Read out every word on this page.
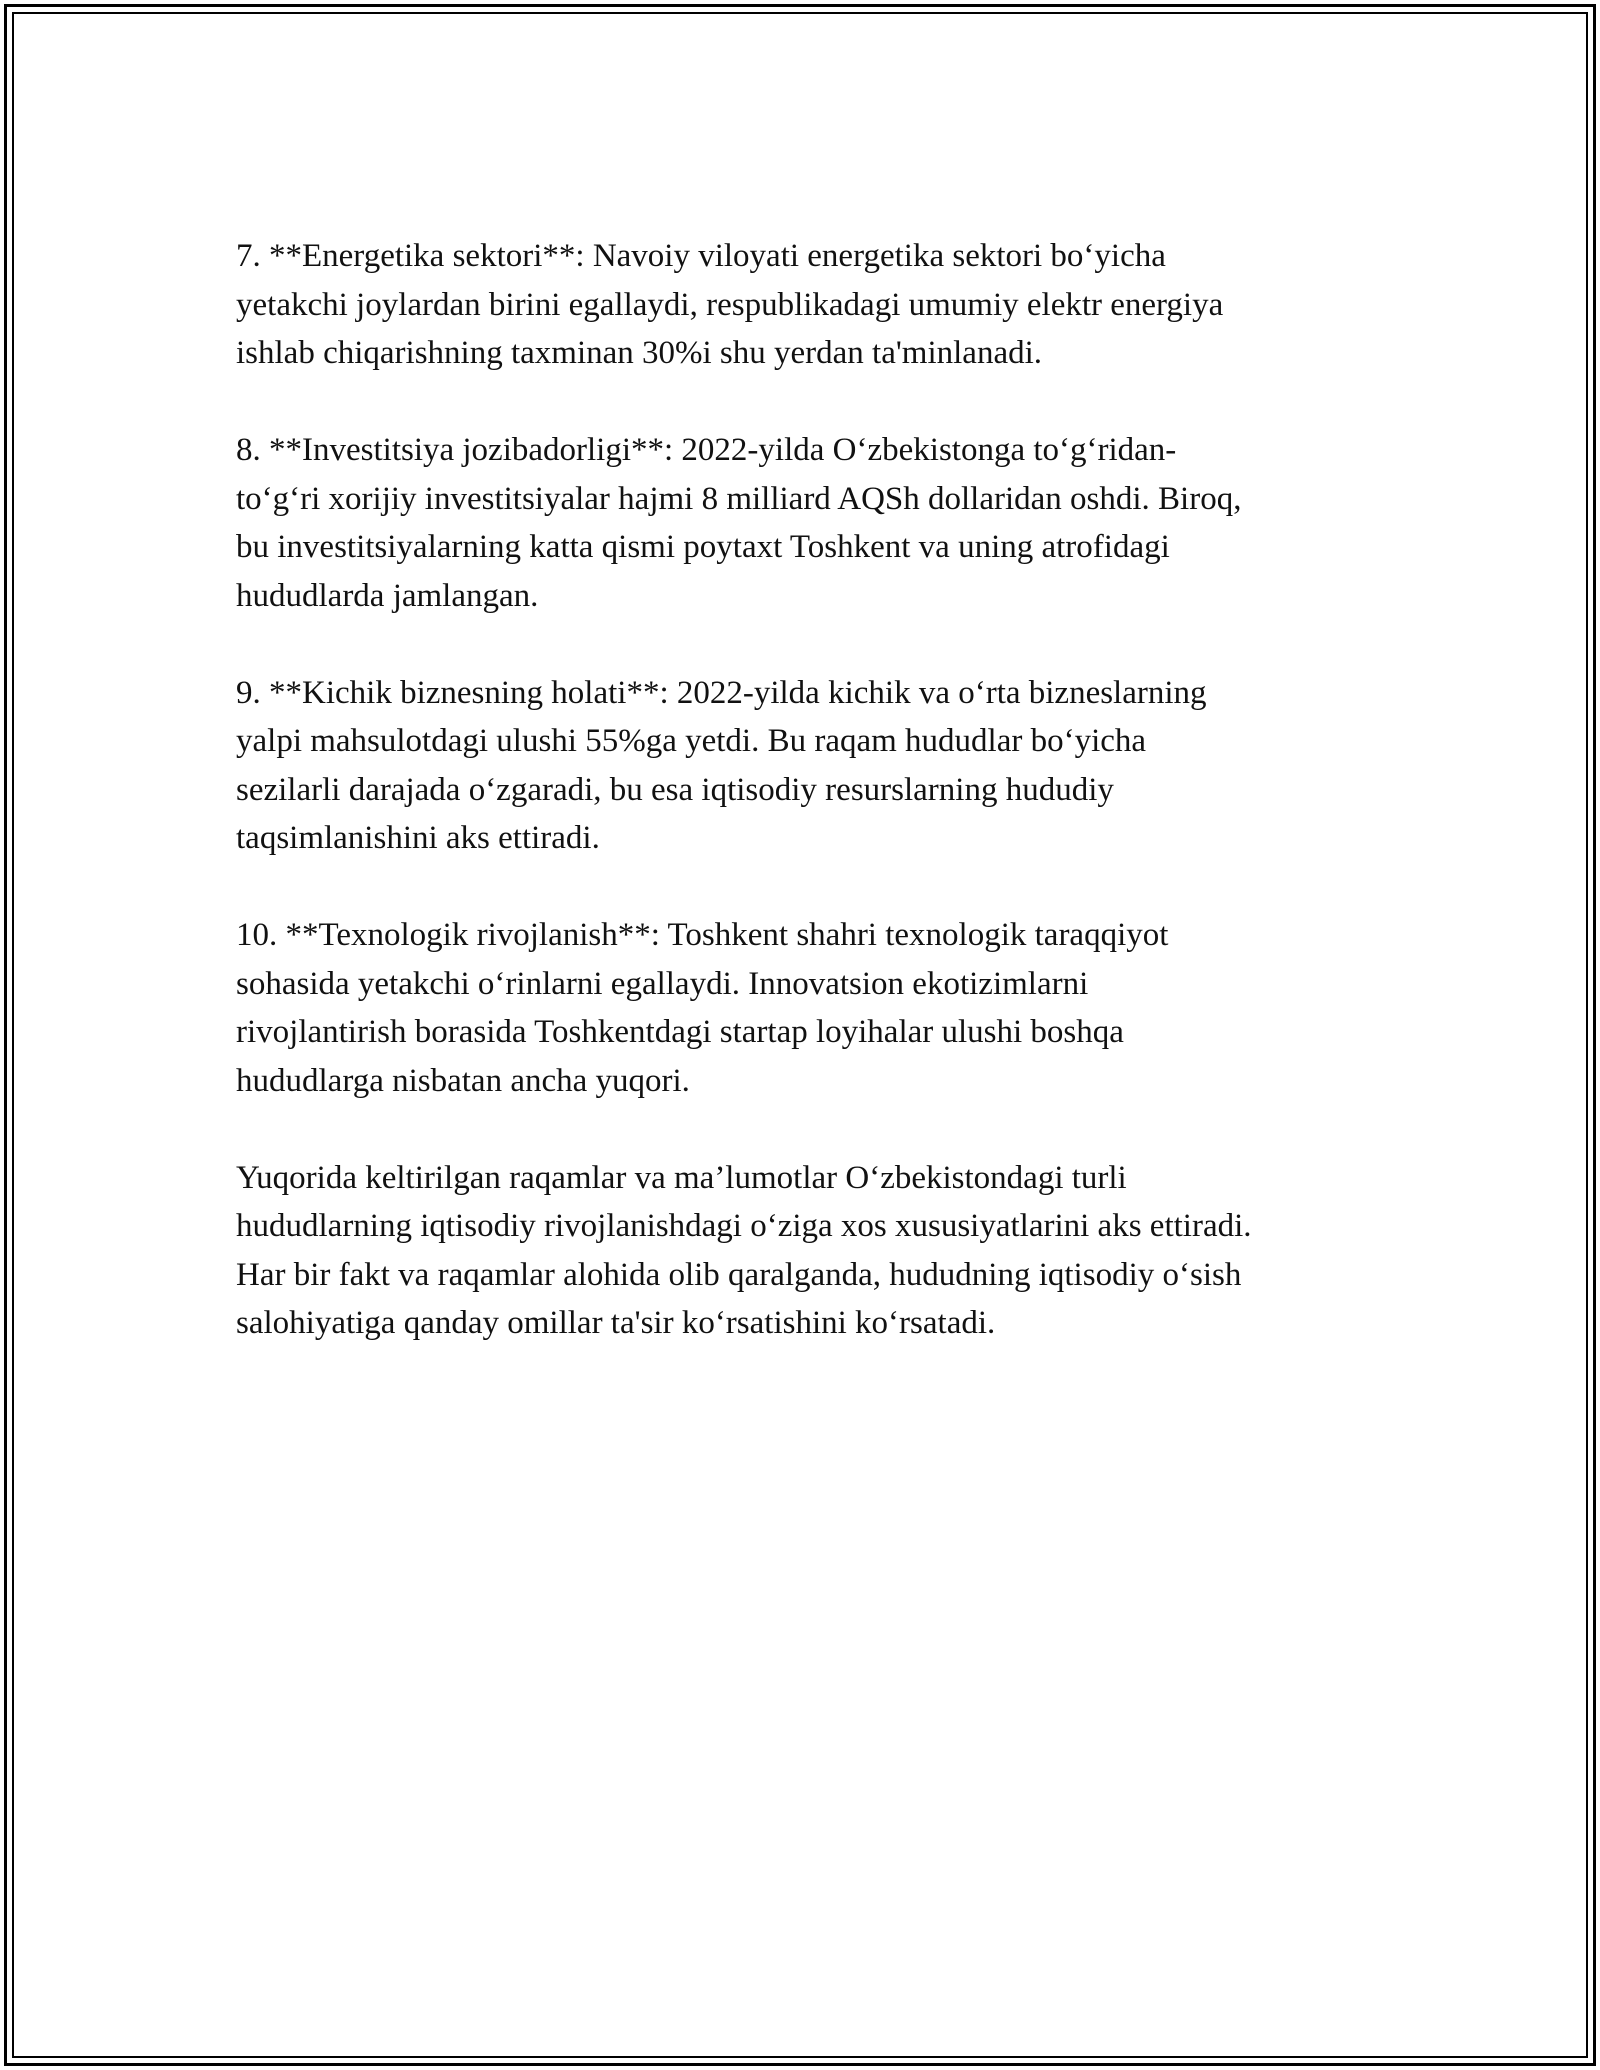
7. **Energetika sektori**: Navoiy viloyati energetika sektori bo‘yicha
yetakchi joylardan birini egallaydi, respublikadagi umumiy elektr energiya
ishlab chiqarishning taxminan 30%i shu yerdan ta'minlanadi.

8. **Investitsiya jozibadorligi**: 2022-yilda O‘zbekistonga to‘g‘ridan-
to‘g‘ri xorijiy investitsiyalar hajmi 8 milliard AQSh dollaridan oshdi. Biroq,
bu investitsiyalarning katta qismi poytaxt Toshkent va uning atrofidagi
hududlarda jamlangan.

9. **Kichik biznesning holati**: 2022-yilda kichik va o‘rta bizneslarning
yalpi mahsulotdagi ulushi 55%ga yetdi. Bu raqam hududlar bo‘yicha
sezilarli darajada o‘zgaradi, bu esa iqtisodiy resurslarning hududiy
taqsimlanishini aks ettiradi.

10. **Texnologik rivojlanish**: Toshkent shahri texnologik taraqqiyot
sohasida yetakchi o‘rinlarni egallaydi. Innovatsion ekotizimlarni
rivojlantirish borasida Toshkentdagi startap loyihalar ulushi boshqa
hududlarga nisbatan ancha yuqori.

Yuqorida keltirilgan raqamlar va ma’lumotlar O‘zbekistondagi turli
hududlarning iqtisodiy rivojlanishdagi o‘ziga xos xususiyatlarini aks ettiradi.
Har bir fakt va raqamlar alohida olib qaralganda, hududning iqtisodiy o‘sish
salohiyatiga qanday omillar ta'sir ko‘rsatishini ko‘rsatadi.
